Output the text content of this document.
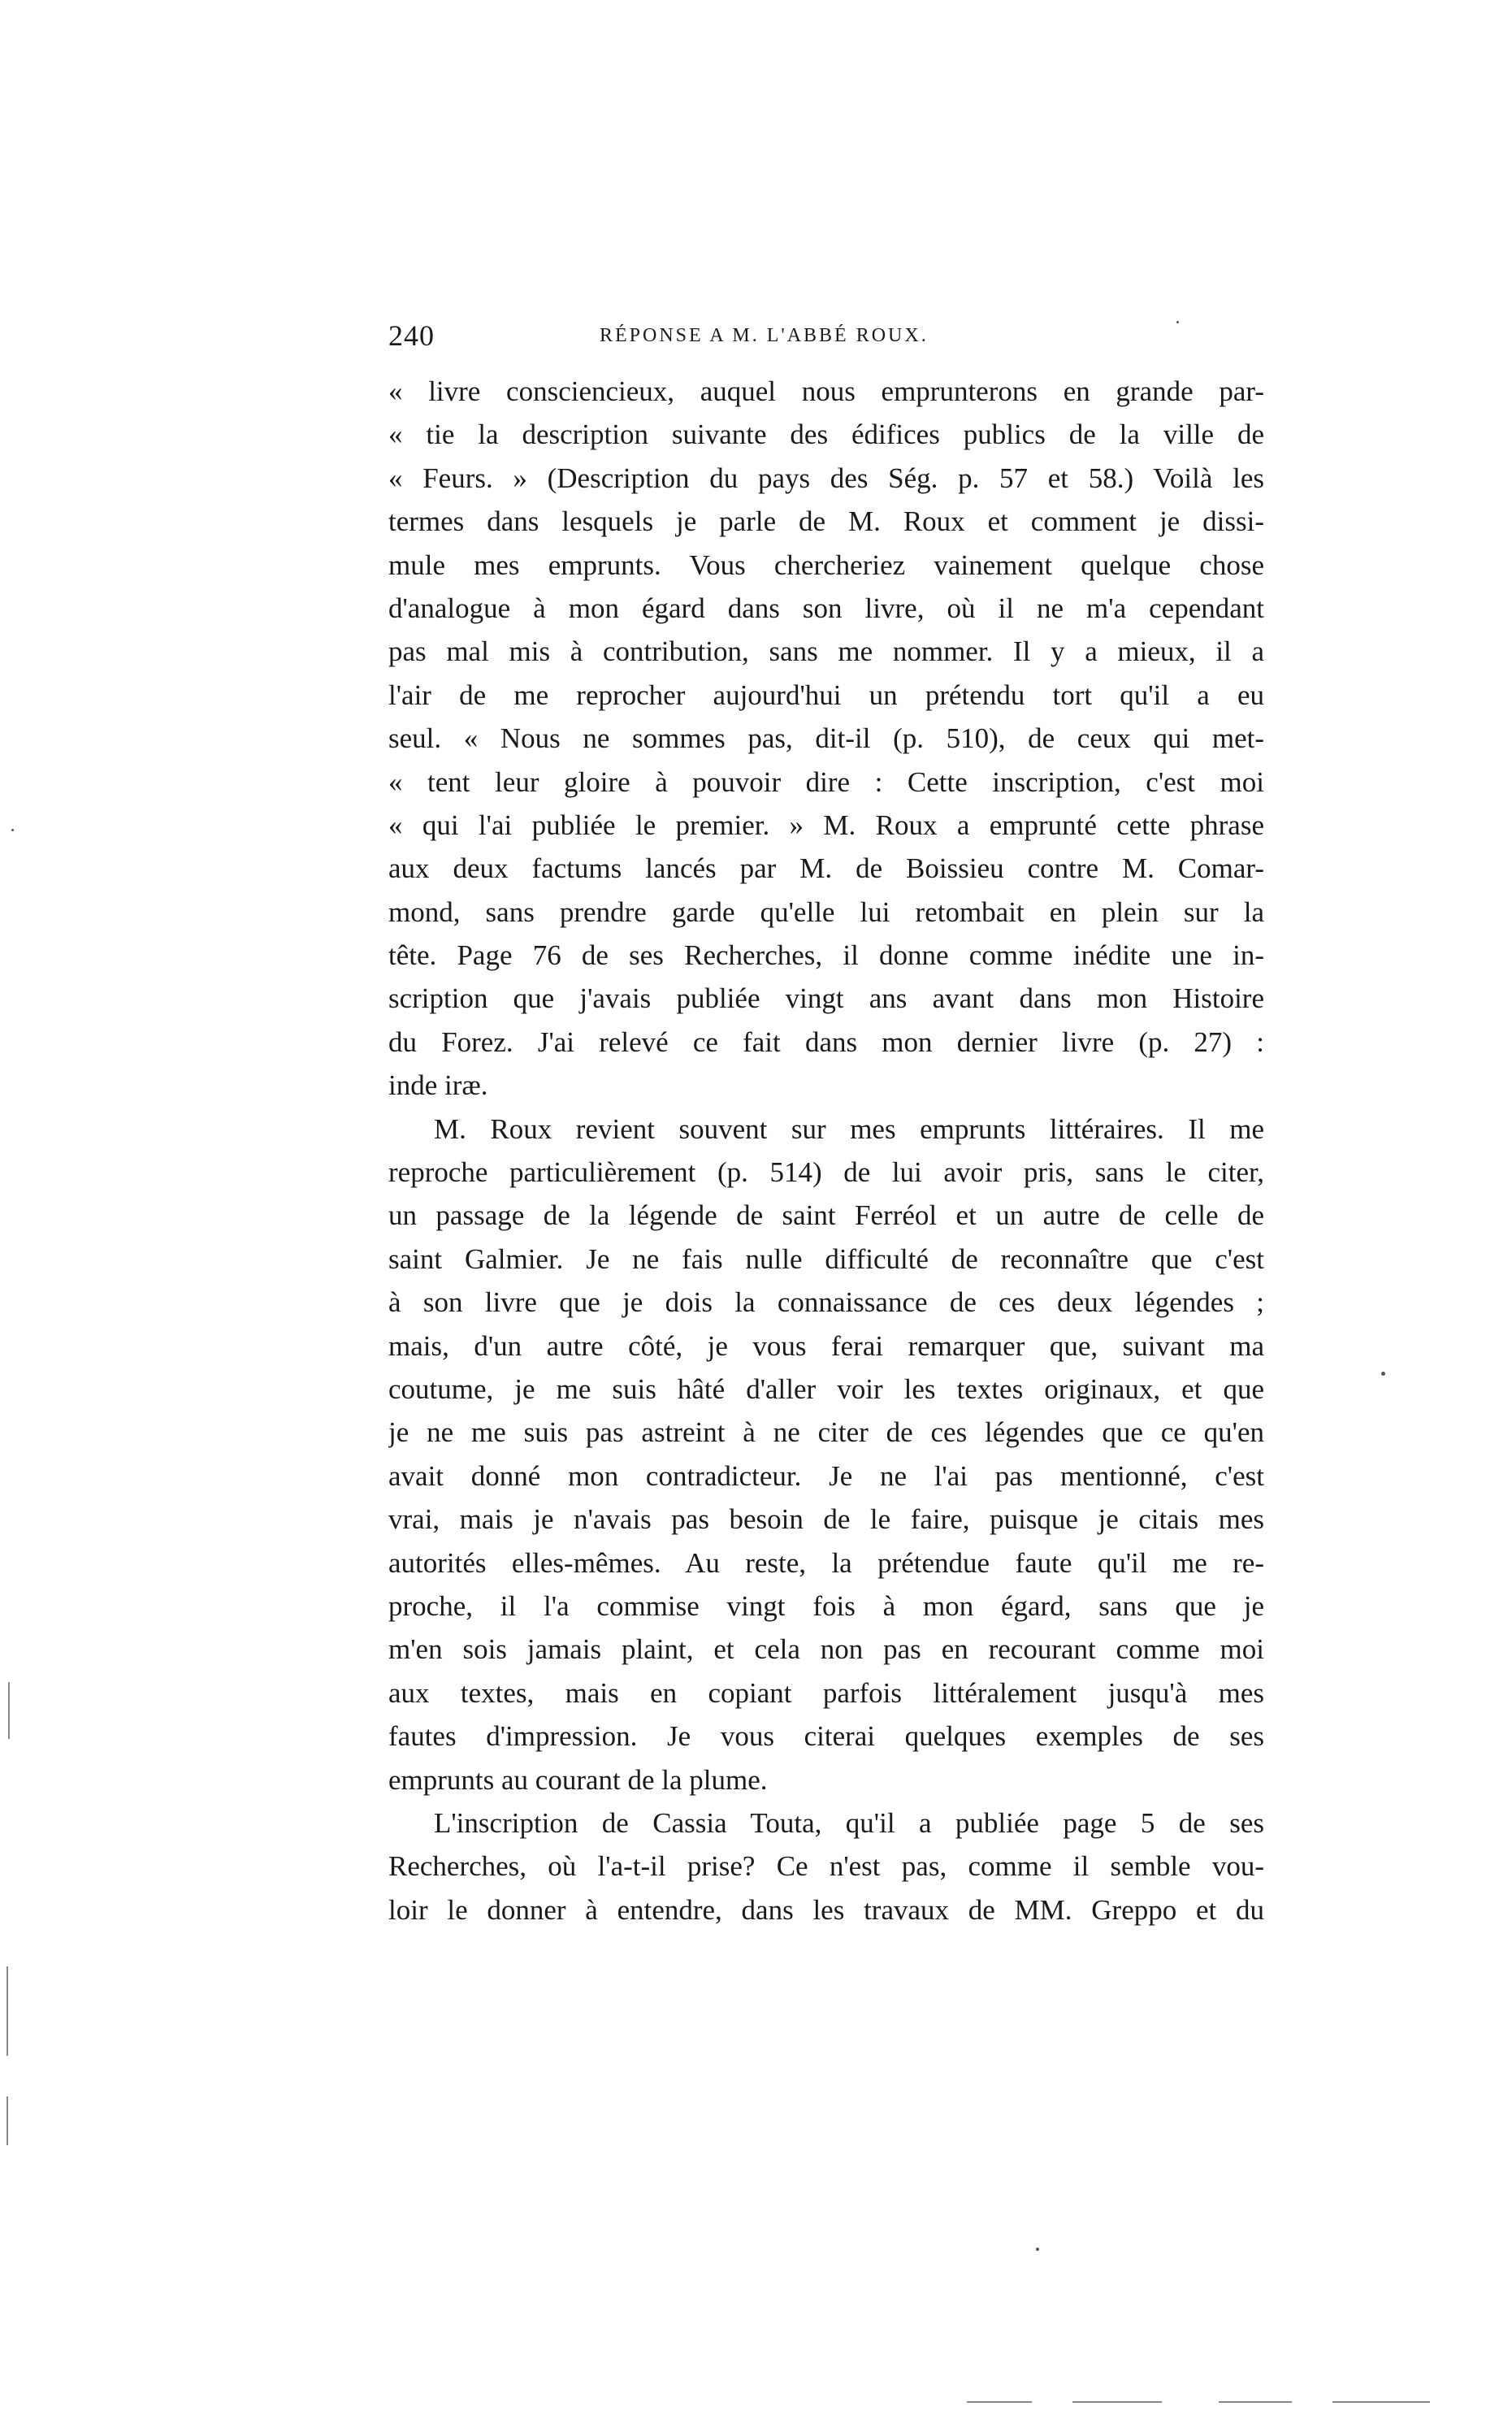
240	RÉPONSE A M. L'ABBÉ ROUX.
« livre consciencieux, auquel nous emprunterons en grande par-
« tie la description suivante des édifices publics de la ville de
« Feurs. » (Description du pays des Ség. p. 57 et 58.) Voilà les
termes dans lesquels je parle de M. Roux et comment je dissi-
mule mes emprunts. Vous chercheriez vainement quelque chose
d'analogue à mon égard dans son livre, où il ne m'a cependant
pas mal mis à contribution, sans me nommer. Il y a mieux, il a
l'air de me reprocher aujourd'hui un prétendu tort qu'il a eu
seul. « Nous ne sommes pas, dit-il (p. 510), de ceux qui met-
« tent leur gloire à pouvoir dire : Cette inscription, c'est moi
« qui l'ai publiée le premier. » M. Roux a emprunté cette phrase
aux deux factums lancés par M. de Boissieu contre M. Comar-
mond, sans prendre garde qu'elle lui retombait en plein sur la
tête. Page 76 de ses Recherches, il donne comme inédite une in-
scription que j'avais publiée vingt ans avant dans mon Histoire
du Forez. J'ai relevé ce fait dans mon dernier livre (p. 27) :
inde iræ.
M. Roux revient souvent sur mes emprunts littéraires. Il me
reproche particulièrement (p. 514) de lui avoir pris, sans le citer,
un passage de la légende de saint Ferréol et un autre de celle de
saint Galmier. Je ne fais nulle difficulté de reconnaître que c'est
à son livre que je dois la connaissance de ces deux légendes ;
mais, d'un autre côté, je vous ferai remarquer que, suivant ma
coutume, je me suis hâté d'aller voir les textes originaux, et que
je ne me suis pas astreint à ne citer de ces légendes que ce qu'en
avait donné mon contradicteur. Je ne l'ai pas mentionné, c'est
vrai, mais je n'avais pas besoin de le faire, puisque je citais mes
autorités elles-mêmes. Au reste, la prétendue faute qu'il me re-
proche, il l'a commise vingt fois à mon égard, sans que je
m'en sois jamais plaint, et cela non pas en recourant comme moi
aux textes, mais en copiant parfois littéralement jusqu'à mes
fautes d'impression. Je vous citerai quelques exemples de ses
emprunts au courant de la plume.
L'inscription de Cassia Touta, qu'il a publiée page 5 de ses
Recherches, où l'a-t-il prise? Ce n'est pas, comme il semble vou-
loir le donner à entendre, dans les travaux de MM. Greppo et du
